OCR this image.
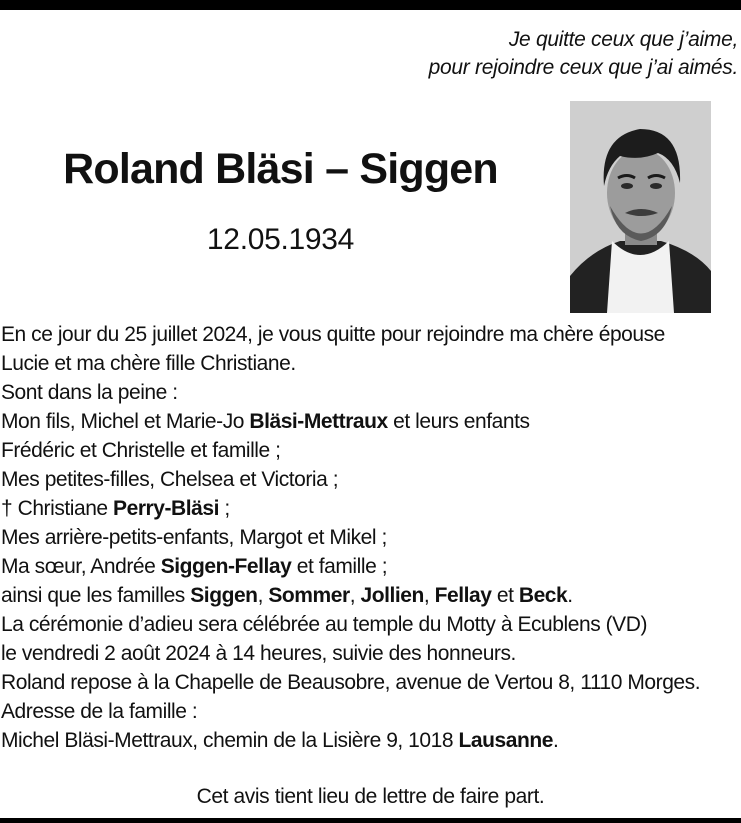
Je quitte ceux que j’aime,
pour rejoindre ceux que j’ai aimés.
Roland Bläsi – Siggen
12.05.1934
En ce jour du 25 juillet 2024, je vous quitte pour rejoindre ma chère épouse
Lucie et ma chère fille Christiane.
Sont dans la peine :
Mon fils, Michel et Marie-Jo Bläsi-Mettraux et leurs enfants
Frédéric et Christelle et famille ;
Mes petites-filles, Chelsea et Victoria ;
† Christiane Perry-Bläsi ;
Mes arrière-petits-enfants, Margot et Mikel ;
Ma sœur, Andrée Siggen-Fellay et famille ;
ainsi que les familles Siggen, Sommer, Jollien, Fellay et Beck.
La cérémonie d’adieu sera célébrée au temple du Motty à Ecublens (VD)
le vendredi 2 août 2024 à 14 heures, suivie des honneurs.
Roland repose à la Chapelle de Beausobre, avenue de Vertou 8, 1110 Morges.
Adresse de la famille :
Michel Bläsi-Mettraux, chemin de la Lisière 9, 1018 Lausanne.
Cet avis tient lieu de lettre de faire part.
